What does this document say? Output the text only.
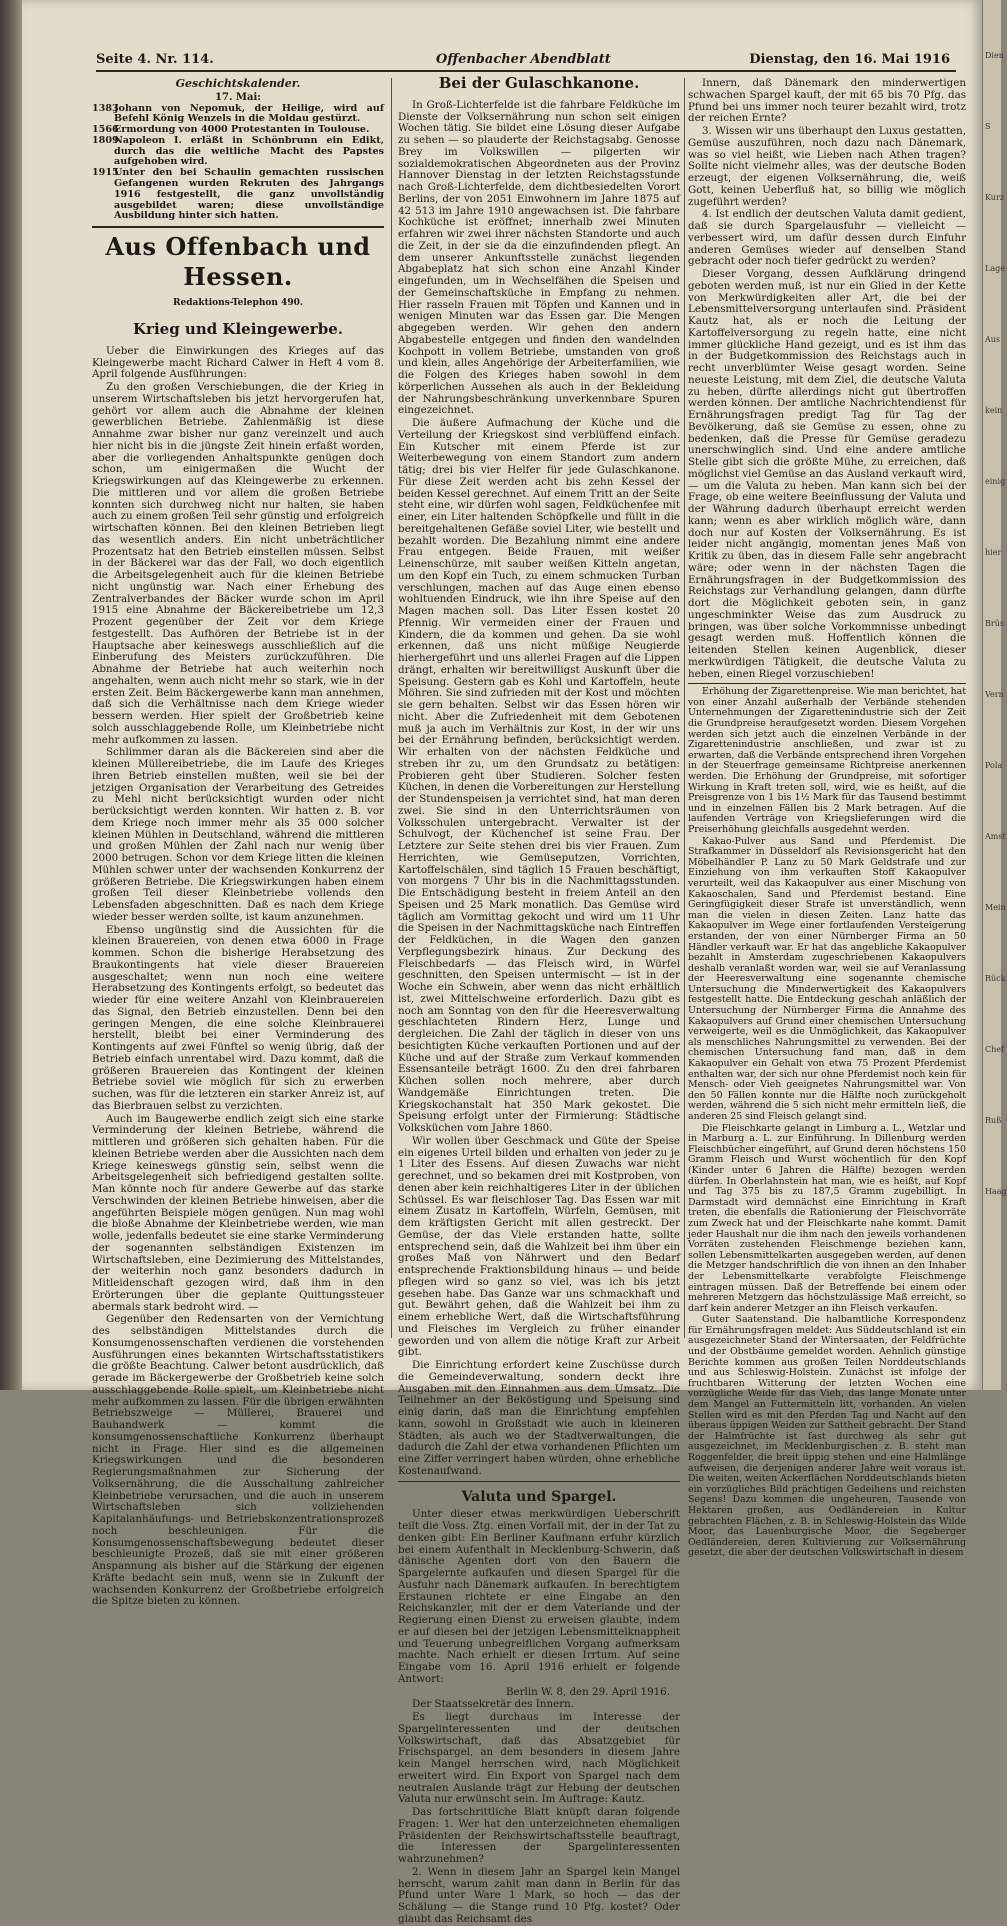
Dien
S
Kurz
Lage
Aus
kein
einig
hier
Brüs
Vern
Pola
Amst
Mein
Rück
Chef
Ruß
Haag
Seite 4. Nr. 114.	Offenbacher Abendblatt	Dienstag, den 16. Mai 1916
Geschichtskalender.
17. Mai:
1383
Johann von Nepomuk, der Heilige, wird auf Befehl König Wenzels in die Moldau gestürzt.
1566
Ermordung von 4000 Protestanten in Toulouse.
1809
Napoleon I. erläßt in Schönbrunn ein Edikt, durch das die weltliche Macht des Papstes aufgehoben wird.
1915
Unter den bei Schaulin gemachten russischen Gefangenen wurden Rekruten des Jahrgangs 1916 festgestellt, die ganz unvollständig ausgebildet waren; diese unvollständige Ausbildung hinter sich hatten.
Aus Offenbach und Hessen.
Redaktions-Telephon 490.
Krieg und Kleingewerbe.

Ueber die Einwirkungen des Krieges auf das Kleingewerbe macht Richard Calwer in Heft 4 vom 8. April folgende Ausführungen:

Zu den großen Verschiebungen, die der Krieg in unserem Wirtschaftsleben bis jetzt hervorgerufen hat, gehört vor allem auch die Abnahme der kleinen gewerblichen Betriebe. Zahlenmäßig ist diese Annahme zwar bisher nur ganz vereinzelt und auch hier nicht bis in die jüngste Zeit hinein erfaßt worden, aber die vorliegenden Anhaltspunkte genügen doch schon, um einigermaßen die Wucht der Kriegswirkungen auf das Kleingewerbe zu erkennen. Die mittleren und vor allem die großen Betriebe konnten sich durchweg nicht nur halten, sie haben auch zu einem großen Teil sehr günstig und erfolgreich wirtschaften können. Bei den kleinen Betrieben liegt das wesentlich anders. Ein nicht unbeträchtlicher Prozentsatz hat den Betrieb einstellen müssen. Selbst in der Bäckerei war das der Fall, wo doch eigentlich die Arbeitsgelegenheit auch für die kleinen Betriebe nicht ungünstig war. Nach einer Erhebung des Zentralverbandes der Bäcker wurde schon im April 1915 eine Abnahme der Bäckereibetriebe um 12,3 Prozent gegenüber der Zeit vor dem Kriege festgestellt. Das Aufhören der Betriebe ist in der Hauptsache aber keineswegs ausschließlich auf die Einberufung des Meisters zurückzuführen. Die Abnahme der Betriebe hat auch weiterhin noch angehalten, wenn auch nicht mehr so stark, wie in der ersten Zeit. Beim Bäckergewerbe kann man annehmen, daß sich die Verhältnisse nach dem Kriege wieder bessern werden. Hier spielt der Großbetrieb keine solch ausschlaggebende Rolle, um Kleinbetriebe nicht mehr aufkommen zu lassen.

Schlimmer daran als die Bäckereien sind aber die kleinen Müllereibetriebe, die im Laufe des Krieges ihren Betrieb einstellen mußten, weil sie bei der jetzigen Organisation der Verarbeitung des Getreides zu Mehl nicht berücksichtigt wurden oder nicht berücksichtigt werden konnten. Wir hatten z. B. vor dem Kriege noch immer mehr als 35 000 solcher kleinen Mühlen in Deutschland, während die mittleren und großen Mühlen der Zahl nach nur wenig über 2000 betrugen. Schon vor dem Kriege litten die kleinen Mühlen schwer unter der wachsenden Konkurrenz der größeren Betriebe. Die Kriegswirkungen haben einem großen Teil dieser Kleinbetriebe vollends den Lebensfaden abgeschnitten. Daß es nach dem Kriege wieder besser werden sollte, ist kaum anzunehmen.

Ebenso ungünstig sind die Aussichten für die kleinen Brauereien, von denen etwa 6000 in Frage kommen. Schon die bisherige Herabsetzung des Braukontingents hat viele dieser Brauereien ausgeschaltet; wenn nun noch eine weitere Herabsetzung des Kontingents erfolgt, so bedeutet das wieder für eine weitere Anzahl von Kleinbrauereien das Signal, den Betrieb einzustellen. Denn bei den geringen Mengen, die eine solche Kleinbrauerei herstellt, bleibt bei einer Verminderung des Kontingents auf zwei Fünftel so wenig übrig, daß der Betrieb einfach unrentabel wird. Dazu kommt, daß die größeren Brauereien das Kontingent der kleinen Betriebe soviel wie möglich für sich zu erwerben suchen, was für die letzteren ein starker Anreiz ist, auf das Bierbrauen selbst zu verzichten.

Auch im Baugewerbe endlich zeigt sich eine starke Verminderung der kleinen Betriebe, während die mittleren und größeren sich gehalten haben. Für die kleinen Betriebe werden aber die Aussichten nach dem Kriege keineswegs günstig sein, selbst wenn die Arbeitsgelegenheit sich befriedigend gestalten sollte. Man könnte noch für andere Gewerbe auf das starke Verschwinden der kleinen Betriebe hinweisen, aber die angeführten Beispiele mögen genügen. Nun mag wohl die bloße Abnahme der Kleinbetriebe werden, wie man wolle, jedenfalls bedeutet sie eine starke Verminderung der sogenannten selbständigen Existenzen im Wirtschaftsleben, eine Dezimierung des Mittelstandes, der weiterhin noch ganz besonders dadurch in Mitleidenschaft gezogen wird, daß ihm in den Erörterungen über die geplante Quittungssteuer abermals stark bedroht wird. —

Gegenüber den Redensarten von der Vernichtung des selbständigen Mittelstandes durch die Konsumgenossenschaften verdienen die vorstehenden Ausführungen eines bekannten Wirtschaftsstatistikers die größte Beachtung. Calwer betont ausdrücklich, daß gerade im Bäckergewerbe der Großbetrieb keine solch ausschlaggebende Rolle spielt, um Kleinbetriebe nicht mehr aufkommen zu lassen. Für die übrigen erwähnten Betriebszweige — Müllerei, Brauerei und Bauhandwerk — kommt die konsumgenossenschaftliche Konkurrenz überhaupt nicht in Frage. Hier sind es die allgemeinen Kriegswirkungen und die besonderen Regierungsmaßnahmen zur Sicherung der Volksernährung, die die Ausschaltung zahlreicher Kleinbetriebe verursachen, und die auch in unserem Wirtschaftsleben sich vollziehenden Kapitalanhäufungs- und Betriebskonzentrationsprozeß noch beschleunigen. Für die Konsumgenossenschaftsbewegung bedeutet dieser beschleunigte Prozeß, daß sie mit einer größeren Anspannung als bisher auf die Stärkung der eigenen Kräfte bedacht sein muß, wenn sie in Zukunft der wachsenden Konkurrenz der Großbetriebe erfolgreich die Spitze bieten zu können.

Bei der Gulaschkanone.

In Groß-Lichterfelde ist die fahrbare Feldküche im Dienste der Volksernährung nun schon seit einigen Wochen tätig. Sie bildet eine Lösung dieser Aufgabe zu sehen — so plauderte der Reichstagsabg. Genosse Brey im Volkswillen — pilgerten wir sozialdemokratischen Abgeordneten aus der Provinz Hannover Dienstag in der letzten Reichstagsstunde nach Groß-Lichterfelde, dem dichtbesiedelten Vorort Berlins, der von 2051 Einwohnern im Jahre 1875 auf 42 513 im Jahre 1910 angewachsen ist. Die fahrbare Kochküche ist eröffnet; innerhalb zwei Minuten erfahren wir zwei ihrer nächsten Standorte und auch die Zeit, in der sie da die einzufindenden pflegt. An dem unserer Ankunftsstelle zunächst liegenden Abgabeplatz hat sich schon eine Anzahl Kinder eingefunden, um in Wechselfähen die Speisen und der Gemeinschaftsküche in Empfang zu nehmen. Hier rasseln Frauen mit Töpfen und Kannen und in wenigen Minuten war das Essen gar. Die Mengen abgegeben werden. Wir gehen den andern Abgabestelle entgegen und finden den wandelnden Kochpott in vollem Betriebe, umstanden von groß und klein, alles Angehörige der Arbeiterfamilien, wie die Folgen des Krieges haben sowohl in dem körperlichen Aussehen als auch in der Bekleidung der Nahrungsbeschränkung unverkennbare Spuren eingezeichnet.

Die äußere Aufmachung der Küche und die Verteilung der Kriegskost sind verblüffend einfach. Ein Kutscher mit einem Pferde ist zur Weiterbewegung von einem Standort zum andern tätig; drei bis vier Helfer für jede Gulaschkanone. Für diese Zeit werden acht bis zehn Kessel der beiden Kessel gerechnet. Auf einem Tritt an der Seite steht eine, wir dürfen wohl sagen, Feldküchenfee mit einer, ein Liter haltenden Schöpfkelle und füllt in die bereitgehaltenen Gefäße soviel Liter, wie bestellt und bezahlt worden. Die Bezahlung nimmt eine andere Frau entgegen. Beide Frauen, mit weißer Leinenschürze, mit sauber weißen Kitteln angetan, um den Kopf ein Tuch, zu einem schmucken Turban verschlungen, machen auf das Auge einen ebenso wohltuenden Eindruck, wie ihn ihre Speise auf den Magen machen soll. Das Liter Essen kostet 20 Pfennig. Wir vermeiden einer der Frauen und Kindern, die da kommen und gehen. Da sie wohl erkennen, daß uns nicht müßige Neugierde hierhergeführt und uns allerlei Fragen auf die Lippen drängt, erhalten wir bereitwilligst Auskunft über die Speisung. Gestern gab es Kohl und Kartoffeln, heute Möhren. Sie sind zufrieden mit der Kost und möchten sie gern behalten. Selbst wir das Essen hören wir nicht. Aber die Zufriedenheit mit dem Gebotenen muß ja auch im Verhältnis zur Kost, in der wir uns bei der Ernährung befinden, berücksichtigt werden. Wir erhalten von der nächsten Feldküche und streben ihr zu, um den Grundsatz zu betätigen: Probieren geht über Studieren. Solcher festen Küchen, in denen die Vorbereitungen zur Herstellung der Stundenspeisen ja verrichtet sind, hat man deren zwei. Sie sind in den Unterrichtsräumen von Volksschulen untergebracht. Verwalter ist der Schulvogt, der Küchenchef ist seine Frau. Der Letztere zur Seite stehen drei bis vier Frauen. Zum Herrichten, wie Gemüseputzen, Vorrichten, Kartoffelschälen, sind täglich 15 Frauen beschäftigt, von morgens 7 Uhr bis in die Nachmittagsstunden. Die Entschädigung besteht in freiem Anteil an den Speisen und 25 Mark monatlich. Das Gemüse wird täglich am Vormittag gekocht und wird um 11 Uhr die Speisen in der Nachmittagsküche nach Eintreffen der Feldküchen, in die Wagen den ganzen Verpflegungsbezirk hinaus. Zur Deckung des Fleischbedarfs — das Fleisch wird, in Würfel geschnitten, den Speisen untermischt — ist in der Woche ein Schwein, aber wenn das nicht erhältlich ist, zwei Mittelschweine erforderlich. Dazu gibt es noch am Sonntag von den für die Heeresverwaltung geschlachteten Rindern Herz, Lunge und dergleichen. Die Zahl der täglich in dieser von uns besichtigten Küche verkauften Portionen und auf der Küche und auf der Straße zum Verkauf kommenden Essensanteile beträgt 1600. Zu den drei fahrbaren Küchen sollen noch mehrere, aber durch Wandgemäße Einrichtungen treten. Die Kriegskochanstalt hat 350 Mark gekostet. Die Speisung erfolgt unter der Firmierung: Städtische Volksküchen vom Jahre 1860.

Wir wollen über Geschmack und Güte der Speise ein eigenes Urteil bilden und erhalten von jeder zu je 1 Liter des Essens. Auf diesen Zuwachs war nicht gerechnet, und so bekamen drei mit Kostproben, von denen aber kein reichhaltigeres Liter in der üblichen Schüssel. Es war fleischloser Tag. Das Essen war mit einem Zusatz in Kartoffeln, Würfeln, Gemüsen, mit dem kräftigsten Gericht mit allen gestreckt. Der Gemüse, der das Viele erstanden hatte, sollte entsprechend sein, daß die Wahlzeit bei ihm über ein großes Maß von Nährwert und den Bedarf entsprechende Fraktionsbildung hinaus — und beide pflegen wird so ganz so viel, was ich bis jetzt gesehen habe. Das Ganze war uns schmackhaft und gut. Bewährt gehen, daß die Wahlzeit bei ihm zu einem erhebliche Wert, daß die Wirtschaftsführung und Fleisches im Vergleich zu früher einander geworden und von allem die nötige Kraft zur Arbeit gibt.

Die Einrichtung erfordert keine Zuschüsse durch die Gemeindeverwaltung, sondern deckt ihre Ausgaben mit den Einnahmen aus dem Umsatz. Die Teilnehmer an der Beköstigung und Speisung sind einig darin, daß man die Einrichtung empfehlen kann, sowohl in Großstadt wie auch in kleineren Städten, als auch wo der Stadtverwaltungen, die dadurch die Zahl der etwa vorhandenen Pflichten um eine Ziffer verringert haben würden, ohne erhebliche Kostenaufwand.

Valuta und Spargel.

Unter dieser etwas merkwürdigen Ueberschrift teilt die Voss. Ztg. einen Vorfall mit, der in der Tat zu denken gibt: Ein Berliner Kaufmann erfuhr kürzlich bei einem Aufenthalt in Mecklenburg-Schwerin, daß dänische Agenten dort von den Bauern die Spargelernte aufkaufen und diesen Spargel für die Ausfuhr nach Dänemark aufkaufen. In berechtigtem Erstaunen richtete er eine Eingabe an den Reichskanzler, mit der er dem Vaterlande und der Regierung einen Dienst zu erweisen glaubte, indem er auf diesen bei der jetzigen Lebensmittelknappheit und Teuerung unbegreiflichen Vorgang aufmerksam machte. Nach erhielt er diesen Irrtum. Auf seine Eingabe vom 16. April 1916 erhielt er folgende Antwort:

Berlin W. 8, den 29. April 1916.

Der Staatssekretär des Innern.

Es liegt durchaus im Interesse der Spargelinteressenten und der deutschen Volkswirtschaft, daß das Absatzgebiet für Frischspargel, an dem besonders in diesem Jahre kein Mangel herrschen wird, nach Möglichkeit erweitert wird. Ein Export von Spargel nach dem neutralen Auslande trägt zur Hebung der deutschen Valuta nur erwünscht sein. Im Auftrage: Kautz.

Das fortschrittliche Blatt knüpft daran folgende Fragen: 1. Wer hat den unterzeichneten ehemaligen Präsidenten der Reichswirtschaftsstelle beauftragt, die Interessen der Spargelinteressenten wahrzunehmen?

2. Wenn in diesem Jahr an Spargel kein Mangel herrscht, warum zahlt man dann in Berlin für das Pfund unter Ware 1 Mark, so hoch — das der Schälung — die Stange rund 10 Pfg. kostet? Oder glaubt das Reichsamt des

Innern, daß Dänemark den minderwertigen schwachen Spargel kauft, der mit 65 bis 70 Pfg. das Pfund bei uns immer noch teurer bezahlt wird, trotz der reichen Ernte?

3. Wissen wir uns überhaupt den Luxus gestatten, Gemüse auszuführen, noch dazu nach Dänemark, was so viel heißt, wie Lieben nach Athen tragen? Sollte nicht vielmehr alles, was der deutsche Boden erzeugt, der eigenen Volksernährung, die, weiß Gott, keinen Ueberfluß hat, so billig wie möglich zugeführt werden?

4. Ist endlich der deutschen Valuta damit gedient, daß sie durch Spargelausfuhr — vielleicht — verbessert wird, um dafür dessen durch Einfuhr anderen Gemüses wieder auf denselben Stand gebracht oder noch tiefer gedrückt zu werden?

Dieser Vorgang, dessen Aufklärung dringend geboten werden muß, ist nur ein Glied in der Kette von Merkwürdigkeiten aller Art, die bei der Lebensmittelversorgung unterlaufen sind. Präsident Kautz hat, als er noch die Leitung der Kartoffelversorgung zu regeln hatte, eine nicht immer glückliche Hand gezeigt, und es ist ihm das in der Budgetkommission des Reichstags auch in recht unverblümter Weise gesagt worden. Seine neueste Leistung, mit dem Ziel, die deutsche Valuta zu heben, dürfte allerdings nicht gut übertroffen werden können. Der amtliche Nachrichtendienst für Ernährungsfragen predigt Tag für Tag der Bevölkerung, daß sie Gemüse zu essen, ohne zu bedenken, daß die Presse für Gemüse geradezu unerschwinglich sind. Und eine andere amtliche Stelle gibt sich die größte Mühe, zu erreichen, daß möglichst viel Gemüse an das Ausland verkauft wird, — um die Valuta zu heben. Man kann sich bei der Frage, ob eine weitere Beeinflussung der Valuta und der Währung dadurch überhaupt erreicht werden kann; wenn es aber wirklich möglich wäre, dann doch nur auf Kosten der Volksernährung. Es ist leider nicht angängig, momentan jenes Maß von Kritik zu üben, das in diesem Falle sehr angebracht wäre; oder wenn in der nächsten Tagen die Ernährungsfragen in der Budgetkommission des Reichstags zur Verhandlung gelangen, dann dürfte dort die Möglichkeit geboten sein, in ganz ungeschminkter Weise das zum Ausdruck zu bringen, was über solche Vorkommnisse unbedingt gesagt werden muß. Hoffentlich können die leitenden Stellen keinen Augenblick, dieser merkwürdigen Tätigkeit, die deutsche Valuta zu heben, einen Riegel vorzuschieben!

Erhöhung der Zigarettenpreise. Wie man berichtet, hat von einer Anzahl außerhalb der Verbände stehenden Unternehmungen der Zigarettenindustrie sich der Zeit die Grundpreise heraufgesetzt worden. Diesem Vorgehen werden sich jetzt auch die einzelnen Verbände in der Zigarettenindustrie anschließen, und zwar ist zu erwarten, daß die Verbände entsprechend ihren Vorgehen in der Steuerfrage gemeinsame Richtpreise anerkennen werden. Die Erhöhung der Grundpreise, mit sofortiger Wirkung in Kraft treten soll, wird, wie es heißt, auf die Preisgrenze von 1 bis 1½ Mark für das Tausend bestimmt und in einzelnen Fällen bis 2 Mark betragen. Auf die laufenden Verträge von Kriegslieferungen wird die Preiserhöhung gleichfalls ausgedehnt werden.

Kakao-Pulver aus Sand und Pferdemist. Die Strafkammer in Düsseldorf als Revisionsgericht hat den Möbelhändler P. Lanz zu 50 Mark Geldstrafe und zur Einziehung von ihm verkauften Stoff Kakaopulver verurteilt, weil das Kakaopulver aus einer Mischung von Kakaoschalen, Sand und Pferdemist bestand. Eine Geringfügigkeit dieser Strafe ist unverständlich, wenn man die vielen in diesen Zeiten. Lanz hatte das Kakaopulver im Wege einer fortlaufenden Versteigerung erstanden, der von einer Nürnberger Firma an 50 Händler verkauft war. Er hat das angebliche Kakaopulver bezahlt in Amsterdam zugeschriebenen Kakaopulvers deshalb veranlaßt worden war, weil sie auf Veranlassung der Heeresverwaltung eine sogenannte chemische Untersuchung die Minderwertigkeit des Kakaopulvers festgestellt hatte. Die Entdeckung geschah anläßlich der Untersuchung der Nürnberger Firma die Annahme des Kakaopulvers auf Grund einer chemischen Untersuchung verweigerte, weil es die Unmöglichkeit, das Kakaopulver als menschliches Nahrungsmittel zu verwenden. Bei der chemischen Untersuchung fand man, daß in dem Kakaopulver ein Gehalt von etwa 75 Prozent Pferdemist enthalten war, der sich nur ohne Pferdemist noch kein für Mensch- oder Vieh geeignetes Nahrungsmittel war. Von den 50 Fällen konnte nur die Hälfte noch zurückgeholt werden, während die 5 sich nicht mehr ermitteln ließ, die anderen 25 sind Fleisch gelangt sind.

Die Fleischkarte gelangt in Limburg a. L., Wetzlar und in Marburg a. L. zur Einführung. In Dillenburg werden Fleischbücher eingeführt, auf Grund deren höchstens 150 Gramm Fleisch und Wurst wöchentlich für den Kopf (Kinder unter 6 Jahren die Hälfte) bezogen werden dürfen. In Oberlahnstein hat man, wie es heißt, auf Kopf und Tag 375 bis zu 187,5 Gramm zugebilligt. In Darmstadt wird demnächst eine Einrichtung in Kraft treten, die ebenfalls die Rationierung der Fleischvorräte zum Zweck hat und der Fleischkarte nahe kommt. Damit jeder Haushalt nur die ihm nach den jeweils vorhandenen Vorräten zustehenden Fleischmenge beziehen kann, sollen Lebensmittelkarten ausgegeben werden, auf denen die Metzger handschriftlich die von ihnen an den Inhaber der Lebensmittelkarte verabfolgte Fleischmenge eintragen müssen. Daß der Betreffende bei einem oder mehreren Metzgern das höchstzulässige Maß erreicht, so darf kein anderer Metzger an ihn Fleisch verkaufen.

Guter Saatenstand. Die halbamtliche Korrespondenz für Ernährungsfragen meldet: Aus Süddeutschland ist ein ausgezeichneter Stand der Wintersaaten, der Feldfrüchte und der Obstbäume gemeldet worden. Aehnlich günstige Berichte kommen aus großen Teilen Norddeutschlands und aus Schleswig-Holstein. Zunächst ist infolge der fruchtbaren Witterung der letzten Wochen eine vorzügliche Weide für das Vieh, das lange Monate unter dem Mangel an Futtermitteln litt, vorhanden. An vielen Stellen wird es mit den Pferden Tag und Nacht auf den überaus üppigen Weiden zur Sattheit gebracht. Der Stand der Halmfrüchte ist fast durchweg als sehr gut ausgezeichnet, im Mecklenburgischen z. B. steht man Roggenfelder, die breit üppig stehen und eine Halmlänge aufweisen, die derjenigen anderer Jahre weit voraus ist. Die weiten, weiten Ackerflächen Norddeutschlands bieten ein vorzügliches Bild prächtigen Gedeihens und reichsten Segens! Dazu kommen die ungeheuren, Tausende von Hektaren großen, aus Oedländereien in Kultur gebrachten Flächen, z. B. in Schleswig-Holstein das Wilde Moor, das Lauenburgische Moor, die Segeberger Oedländereien, deren Kultivierung zur Volksernährung gesetzt, die aber der deutschen Volkswirtschaft in diesem
